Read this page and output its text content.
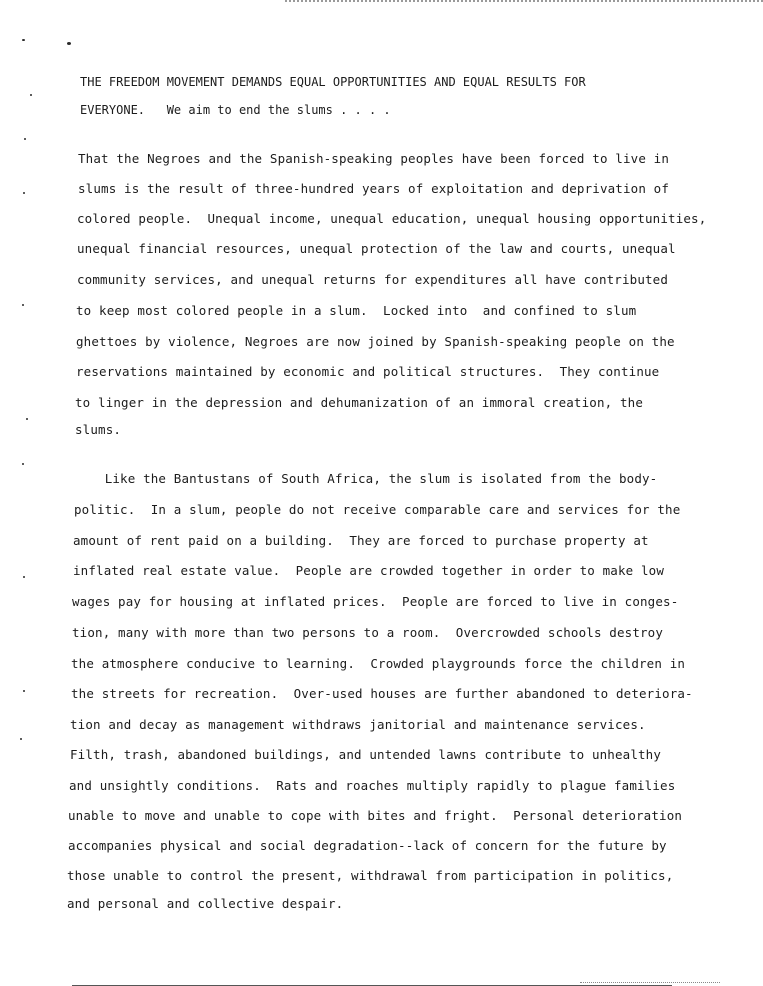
THE FREEDOM MOVEMENT DEMANDS EQUAL OPPORTUNITIES AND EQUAL RESULTS FOR
EVERYONE.   We aim to end the slums . . . .
That the Negroes and the Spanish-speaking peoples have been forced to live in
slums is the result of three-hundred years of exploitation and deprivation of
colored people.  Unequal income, unequal education, unequal housing opportunities,
unequal financial resources, unequal protection of the law and courts, unequal
community services, and unequal returns for expenditures all have contributed
to keep most colored people in a slum.  Locked into  and confined to slum
ghettoes by violence, Negroes are now joined by Spanish-speaking people on the
reservations maintained by economic and political structures.  They continue
to linger in the depression and dehumanization of an immoral creation, the
slums.
Like the Bantustans of South Africa, the slum is isolated from the body-
politic.  In a slum, people do not receive comparable care and services for the
amount of rent paid on a building.  They are forced to purchase property at
inflated real estate value.  People are crowded together in order to make low
wages pay for housing at inflated prices.  People are forced to live in conges-
tion, many with more than two persons to a room.  Overcrowded schools destroy
the atmosphere conducive to learning.  Crowded playgrounds force the children in
the streets for recreation.  Over-used houses are further abandoned to deteriora-
tion and decay as management withdraws janitorial and maintenance services.
Filth, trash, abandoned buildings, and untended lawns contribute to unhealthy
and unsightly conditions.  Rats and roaches multiply rapidly to plague families
unable to move and unable to cope with bites and fright.  Personal deterioration
accompanies physical and social degradation--lack of concern for the future by
those unable to control the present, withdrawal from participation in politics,
and personal and collective despair.
